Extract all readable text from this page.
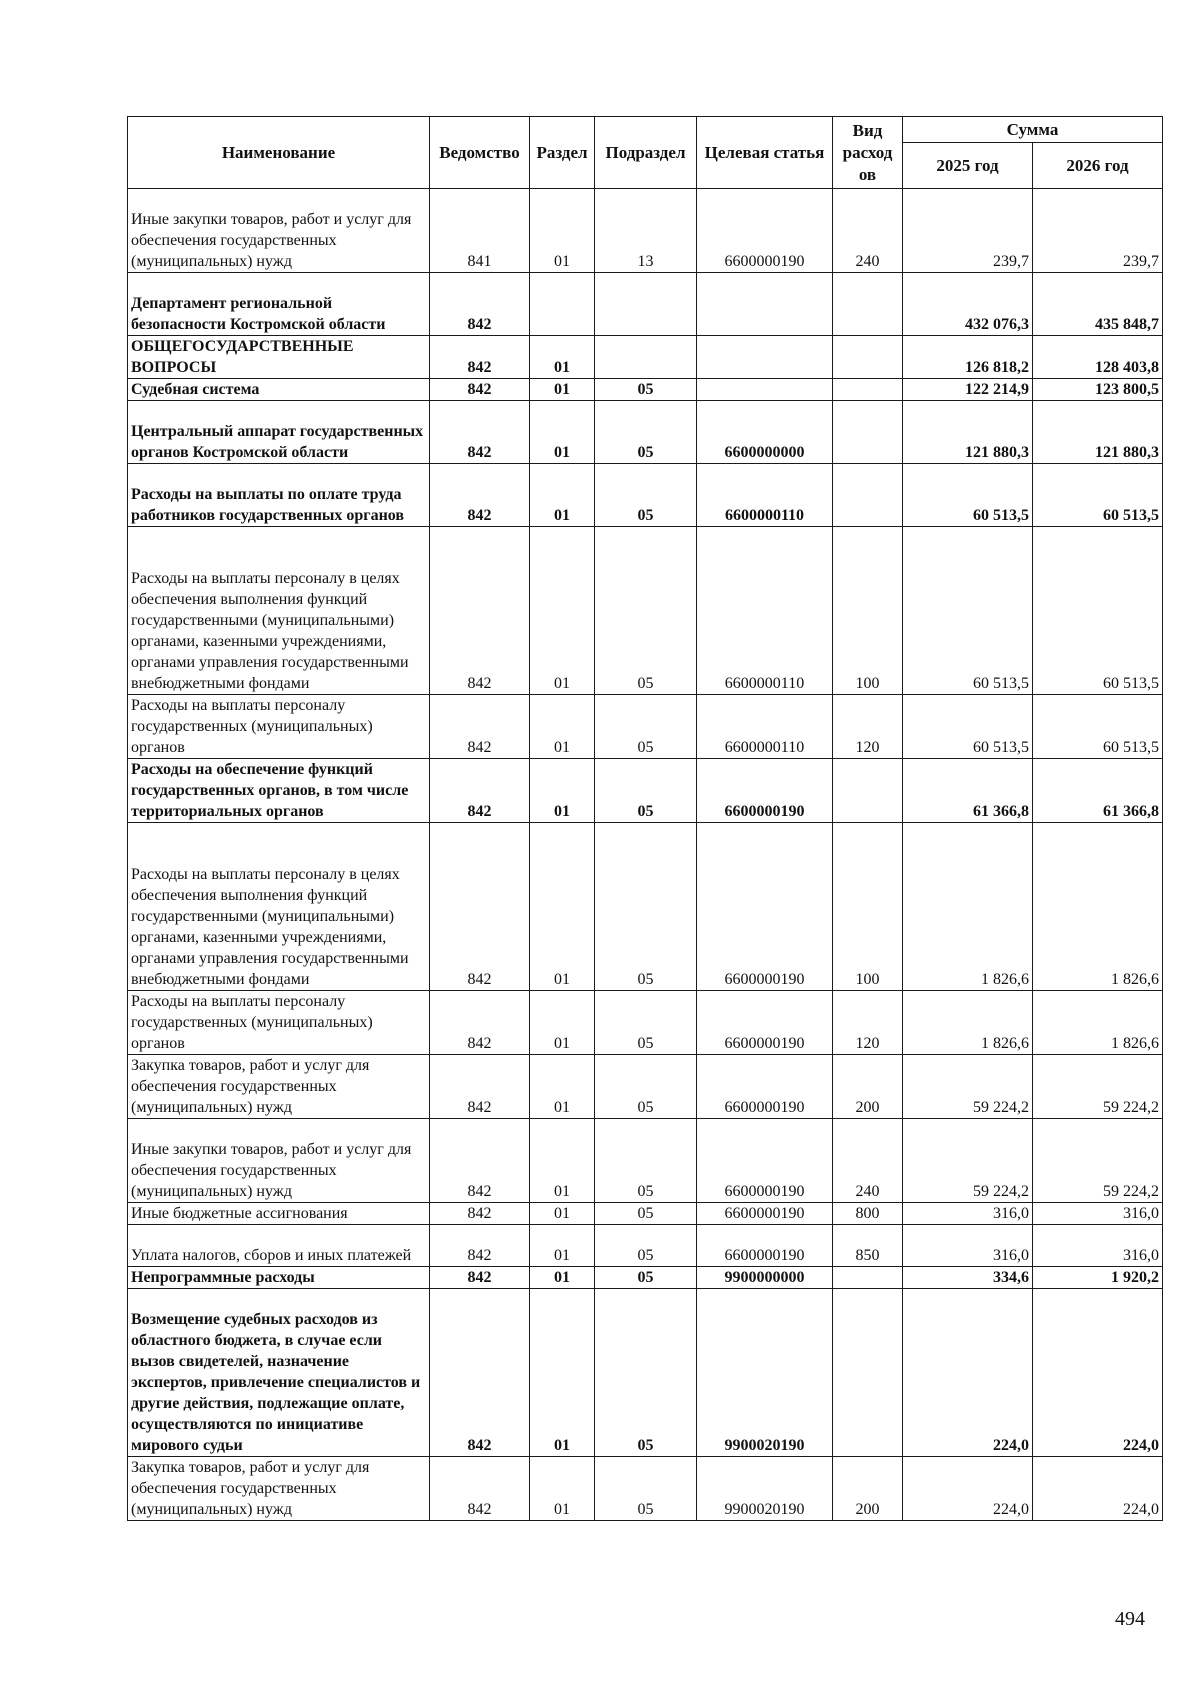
Наименование	Ведомство	Раздел	Подраздел	Целевая статья	Вид расход ов	Сумма	
						2025 год	2026 год
Иные закупки товаров, работ и услуг для обеспечения государственных (муниципальных) нужд	841	01	13	6600000190	240	239,7	239,7
Департамент региональной безопасности Костромской области	842					432 076,3	435 848,7
ОБЩЕГОСУДАРСТВЕННЫЕ ВОПРОСЫ	842	01				126 818,2	128 403,8
Судебная система	842	01	05			122 214,9	123 800,5
Центральный аппарат государственных органов Костромской области	842	01	05	6600000000		121 880,3	121 880,3
Расходы на выплаты по оплате труда работников государственных органов	842	01	05	6600000110		60 513,5	60 513,5
Расходы на выплаты персоналу в целях обеспечения выполнения функций государственными (муниципальными) органами, казенными учреждениями, органами управления государственными внебюджетными фондами	842	01	05	6600000110	100	60 513,5	60 513,5
Расходы на выплаты персоналу государственных (муниципальных) органов	842	01	05	6600000110	120	60 513,5	60 513,5
Расходы на обеспечение функций государственных органов, в том числе территориальных органов	842	01	05	6600000190		61 366,8	61 366,8
Расходы на выплаты персоналу в целях обеспечения выполнения функций государственными (муниципальными) органами, казенными учреждениями, органами управления государственными внебюджетными фондами	842	01	05	6600000190	100	1 826,6	1 826,6
Расходы на выплаты персоналу государственных (муниципальных) органов	842	01	05	6600000190	120	1 826,6	1 826,6
Закупка товаров, работ и услуг для обеспечения государственных (муниципальных) нужд	842	01	05	6600000190	200	59 224,2	59 224,2
Иные закупки товаров, работ и услуг для обеспечения государственных (муниципальных) нужд	842	01	05	6600000190	240	59 224,2	59 224,2
Иные бюджетные ассигнования	842	01	05	6600000190	800	316,0	316,0
Уплата налогов, сборов и иных платежей	842	01	05	6600000190	850	316,0	316,0
Непрограммные расходы	842	01	05	9900000000		334,6	1 920,2
Возмещение судебных расходов из областного бюджета, в случае если вызов свидетелей, назначение экспертов, привлечение специалистов и другие действия, подлежащие оплате, осуществляются по инициативе мирового судьи	842	01	05	9900020190		224,0	224,0
Закупка товаров, работ и услуг для обеспечения государственных (муниципальных) нужд	842	01	05	9900020190	200	224,0	224,0
494
